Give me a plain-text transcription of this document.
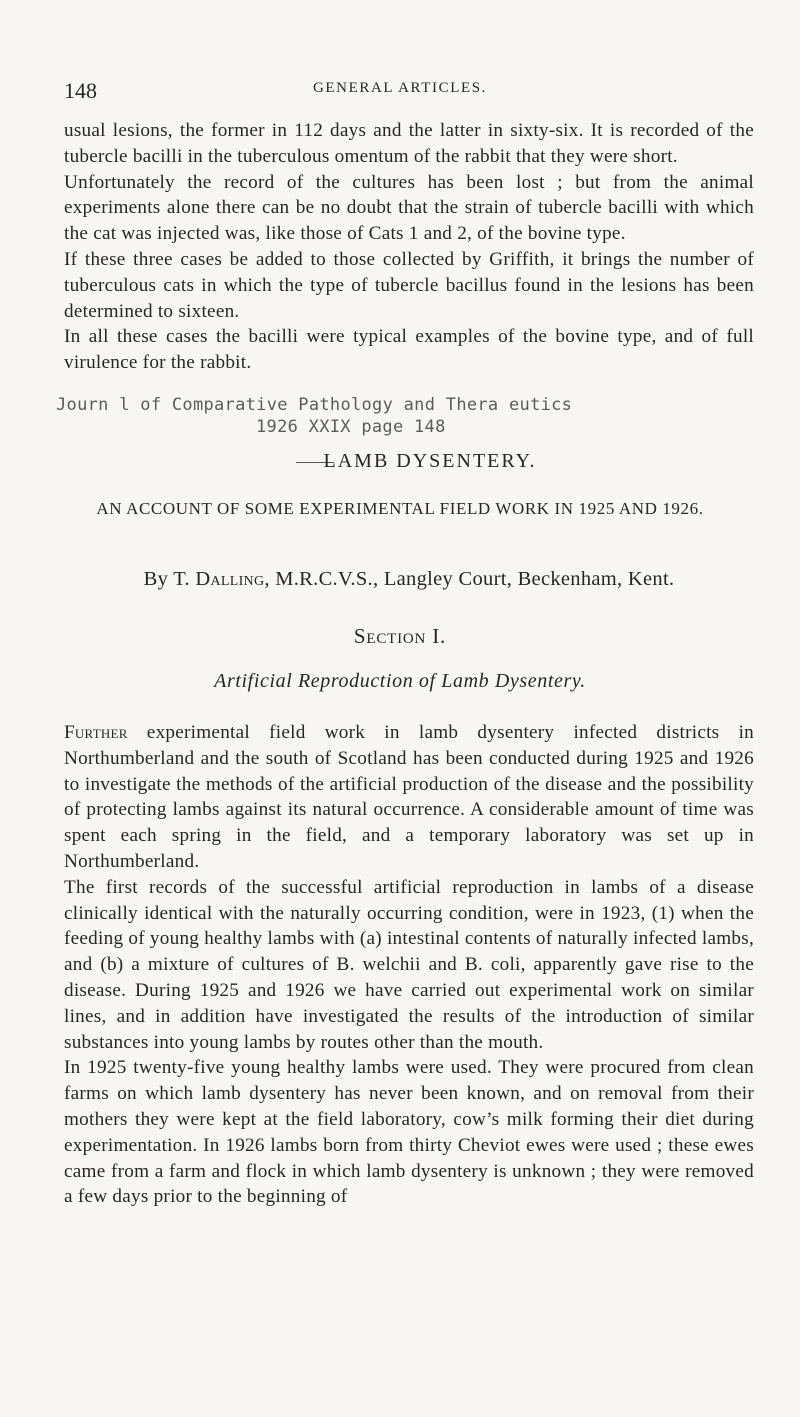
148	GENERAL ARTICLES.

usual lesions, the former in 112 days and the latter in sixty-six. It is recorded of the tubercle bacilli in the tuberculous omentum of the rabbit that they were short.

Unfortunately the record of the cultures has been lost ; but from the animal experiments alone there can be no doubt that the strain of tubercle bacilli with which the cat was injected was, like those of Cats 1 and 2, of the bovine type.

If these three cases be added to those collected by Griffith, it brings the number of tuberculous cats in which the type of tubercle bacillus found in the lesions has been determined to sixteen.

In all these cases the bacilli were typical examples of the bovine type, and of full virulence for the rabbit.

Journ l of Comparative Pathology and Thera eutics
1926 XXIX page 148
LAMB DYSENTERY.
AN ACCOUNT OF SOME EXPERIMENTAL FIELD WORK IN 1925 AND 1926.
By T. Dalling, M.R.C.V.S., Langley Court, Beckenham, Kent.
Section I.
Artificial Reproduction of Lamb Dysentery.

Further experimental field work in lamb dysentery infected districts in Northumberland and the south of Scotland has been conducted during 1925 and 1926 to investigate the methods of the artificial production of the disease and the possibility of protecting lambs against its natural occurrence. A considerable amount of time was spent each spring in the field, and a temporary laboratory was set up in Northumberland.

The first records of the successful artificial reproduction in lambs of a disease clinically identical with the naturally occurring condition, were in 1923, (1) when the feeding of young healthy lambs with (a) intestinal contents of naturally infected lambs, and (b) a mixture of cultures of B. welchii and B. coli, apparently gave rise to the disease. During 1925 and 1926 we have carried out experimental work on similar lines, and in addition have investigated the results of the introduction of similar substances into young lambs by routes other than the mouth.

In 1925 twenty-five young healthy lambs were used. They were procured from clean farms on which lamb dysentery has never been known, and on removal from their mothers they were kept at the field laboratory, cow’s milk forming their diet during experimentation. In 1926 lambs born from thirty Cheviot ewes were used ; these ewes came from a farm and flock in which lamb dysentery is unknown ; they were removed a few days prior to the beginning of
